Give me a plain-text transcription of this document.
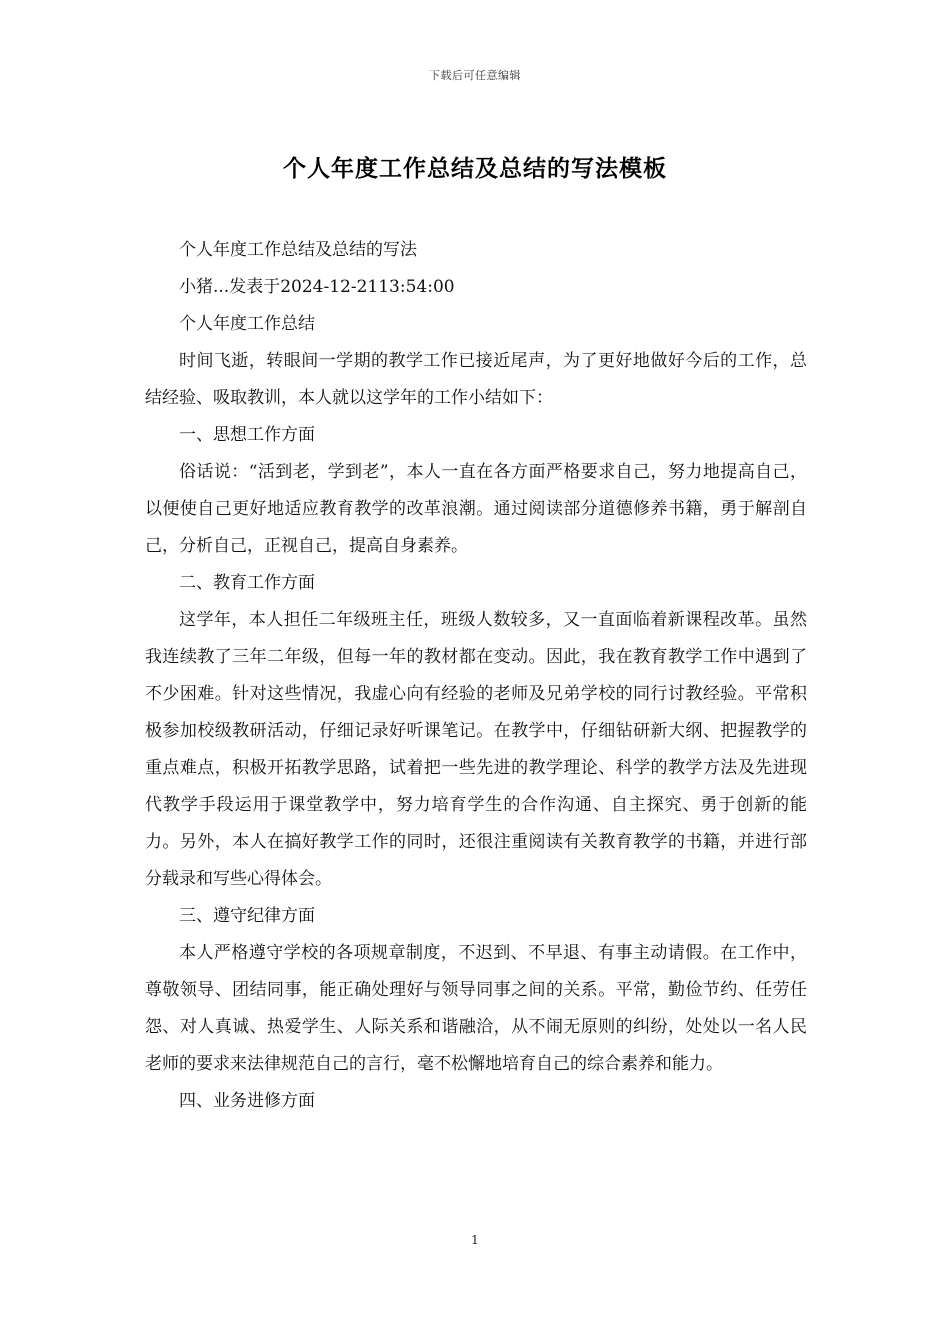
下载后可任意编辑
个人年度工作总结及总结的写法模板

个人年度工作总结及总结的写法

小猪...发表于2024-12-2113:54:00

个人年度工作总结

时间飞逝，转眼间一学期的教学工作已接近尾声，为了更好地做好今后的工作，总结经验、吸取教训，本人就以这学年的工作小结如下：

一、思想工作方面

俗话说：“活到老，学到老”，本人一直在各方面严格要求自己，努力地提高自己，以便使自己更好地适应教育教学的改革浪潮。通过阅读部分道德修养书籍，勇于解剖自己，分析自己，正视自己，提高自身素养。

二、教育工作方面

这学年，本人担任二年级班主任，班级人数较多，又一直面临着新课程改革。虽然我连续教了三年二年级，但每一年的教材都在变动。因此，我在教育教学工作中遇到了不少困难。针对这些情况，我虚心向有经验的老师及兄弟学校的同行讨教经验。平常积极参加校级教研活动，仔细记录好听课笔记。在教学中，仔细钻研新大纲、把握教学的重点难点，积极开拓教学思路，试着把一些先进的教学理论、科学的教学方法及先进现代教学手段运用于课堂教学中，努力培育学生的合作沟通、自主探究、勇于创新的能力。另外，本人在搞好教学工作的同时，还很注重阅读有关教育教学的书籍，并进行部分载录和写些心得体会。

三、遵守纪律方面

本人严格遵守学校的各项规章制度，不迟到、不早退、有事主动请假。在工作中，尊敬领导、团结同事，能正确处理好与领导同事之间的关系。平常，勤俭节约、任劳任怨、对人真诚、热爱学生、人际关系和谐融洽，从不闹无原则的纠纷，处处以一名人民老师的要求来法律规范自己的言行，毫不松懈地培育自己的综合素养和能力。

四、业务进修方面

1
